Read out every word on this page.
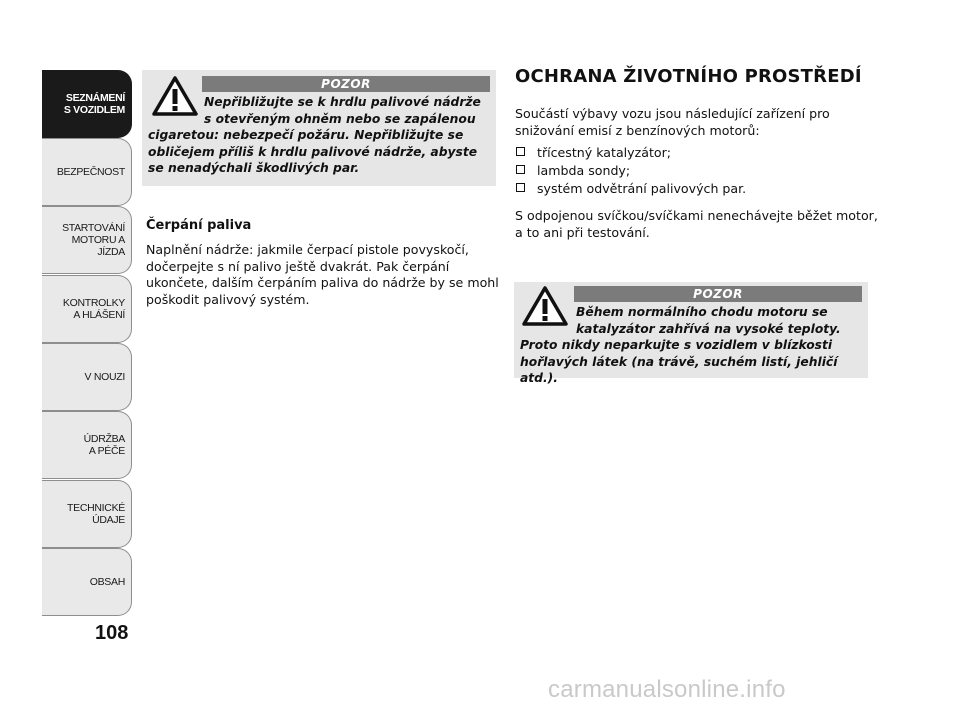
SEZNÁMENÍ
S VOZIDLEM
BEZPEČNOST
STARTOVÁNÍ
MOTORU A JÍZDA
KONTROLKY
A HLÁŠENÍ
V NOUZI
ÚDRŽBA
A PÉČE
TECHNICKÉ
ÚDAJE
OBSAH
108
POZOR
Nepřibližujte se k hrdlu palivové nádrže
s otevřeným ohněm nebo se zapálenou
cigaretou: nebezpečí požáru. Nepřibližujte se
obličejem příliš k hrdlu palivové nádrže, abyste
se nenadýchali škodlivých par.
Čerpání paliva
Naplnění nádrže: jakmile čerpací pistole povyskočí,
dočerpejte s ní palivo ještě dvakrát. Pak čerpání
ukončete, dalším čerpáním paliva do nádrže by se mohl
poškodit palivový systém.
OCHRANA ŽIVOTNÍHO PROSTŘEDÍ
Součástí výbavy vozu jsou následující zařízení pro
snižování emisí z benzínových motorů:
třícestný katalyzátor;
lambda sondy;
systém odvětrání palivových par.
S odpojenou svíčkou/svíčkami nenechávejte běžet motor,
a to ani při testování.
POZOR
Během normálního chodu motoru se
katalyzátor zahřívá na vysoké teploty.
Proto nikdy neparkujte s vozidlem v blízkosti
hořlavých látek (na trávě, suchém listí, jehličí atd.).
carmanualsonline.info
